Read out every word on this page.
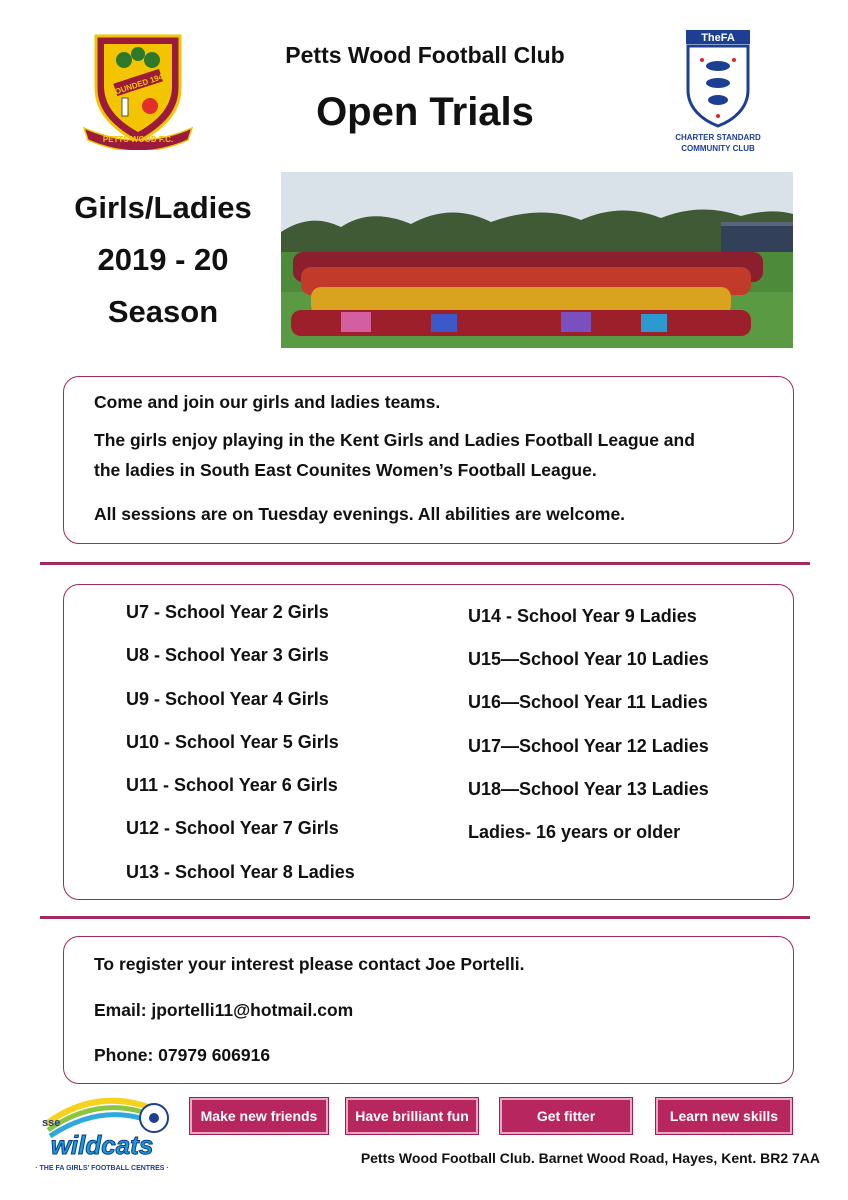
FOUNDED 1946
PETTS WOOD F.C.
Petts Wood Football Club
Open Trials
TheFA
CHARTER STANDARD
COMMUNITY CLUB
Girls/Ladies
2019 - 20
Season
Come and join our girls and ladies teams.
The girls enjoy playing in the Kent Girls and Ladies Football League and
the ladies in South East Counites Women’s Football League.
All sessions are on Tuesday evenings. All abilities are welcome.
U7 - School Year 2 Girls
U8 - School Year 3 Girls
U9 - School Year 4 Girls
U10 - School Year 5 Girls
U11 - School Year 6 Girls
U12 - School Year 7 Girls
U13 - School Year 8 Ladies
U14 - School Year 9 Ladies
U15—School Year 10 Ladies
U16—School Year 11 Ladies
U17—School Year 12 Ladies
U18—School Year 13 Ladies
Ladies- 16 years or older
To register your interest please contact Joe Portelli.
Email: jportelli11@hotmail.com
Phone: 07979 606916
sse
wildcats
· THE FA GIRLS' FOOTBALL CENTRES ·
Make new friends	Have brilliant fun	Get fitter	Learn new skills
Petts Wood Football Club. Barnet Wood Road, Hayes, Kent. BR2 7AA
